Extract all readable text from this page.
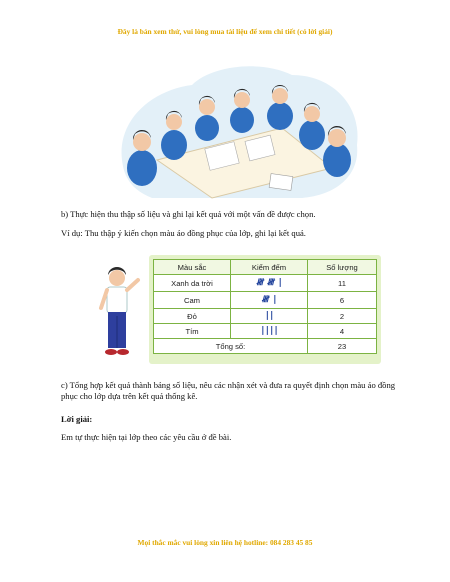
Đây là bản xem thử, vui lòng mua tài liệu để xem chi tiết (có lời giải)
b) Thực hiện thu thập số liệu và ghi lại kết quả với một vấn đề được chọn.
Ví dụ: Thu thập ý kiến chọn màu áo đồng phục của lớp, ghi lại kết quả.
Màu sắc	Kiểm đếm	Số lượng
Xanh da trời	𝍸 𝍸 |	11
Cam	𝍸 |	6
Đỏ	||	2
Tím	||||	4
Tổng số:		23
c) Tổng hợp kết quả thành bảng số liệu, nêu các nhận xét và đưa ra quyết định chọn màu áo đồng phục cho lớp dựa trên kết quả thống kê.
Lời giải:
Em tự thực hiện tại lớp theo các yêu cầu ở đề bài.
Mọi thắc mắc vui lòng xin liên hệ hotline: 084 283 45 85
